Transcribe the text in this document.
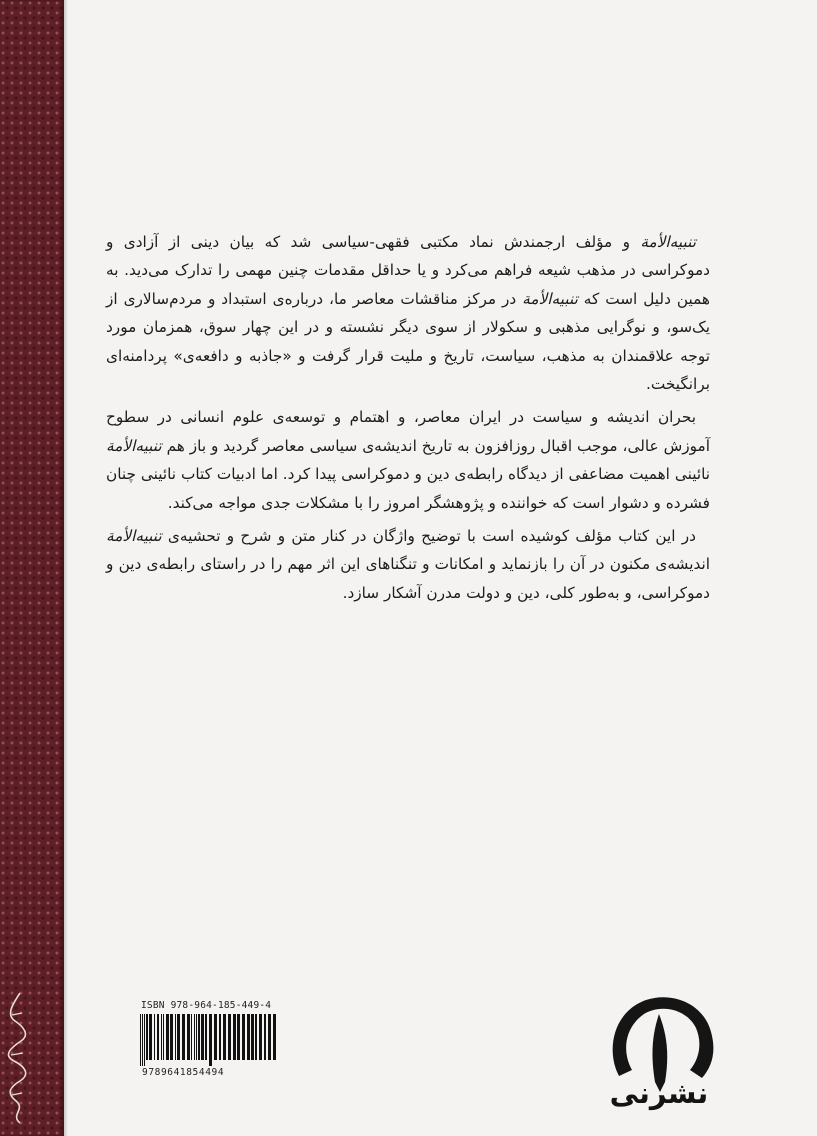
تنبیه‌الأمة و مؤلف ارجمندش نماد مکتبی فقهی-سیاسی شد که بیان دینی از آزادی و دموکراسی در مذهب شیعه فراهم می‌کرد و یا حداقل مقدمات چنین مهمی را تدارک می‌دید. به همین دلیل است که تنبیه‌الأمة در مرکز مناقشات معاصر ما، درباره‌ی استبداد و مردم‌سالاری از یک‌سو، و نوگرایی مذهبی و سکولار از سوی دیگر نشسته و در این چهار سوق، همزمان مورد توجه علاقمندان به مذهب، سیاست، تاریخ و ملیت قرار گرفت و «جاذبه و دافعه‌ی» پردامنه‌ای برانگیخت.

بحران اندیشه و سیاست در ایران معاصر، و اهتمام و توسعه‌ی علوم انسانی در سطوح آموزش عالی، موجب اقبال روزافزون به تاریخ اندیشه‌ی سیاسی معاصر گردید و باز هم تنبیه‌الأمة نائینی اهمیت مضاعفی از دیدگاه رابطه‌ی دین و دموکراسی پیدا کرد. اما ادبیات کتاب نائینی چنان فشرده و دشوار است که خواننده و پژوهشگر امروز را با مشکلات جدی مواجه می‌کند.

در این کتاب مؤلف کوشیده است با توضیح واژگان در کنار متن و شرح و تحشیه‌ی تنبیه‌الأمة اندیشه‌ی مکنون در آن را بازنماید و امکانات و تنگناهای این اثر مهم را در راستای رابطه‌ی دین و دموکراسی، و به‌طور کلی، دین و دولت مدرن آشکار سازد.

ISBN 978-964-185-449-4
9789641854494
نشرنی
